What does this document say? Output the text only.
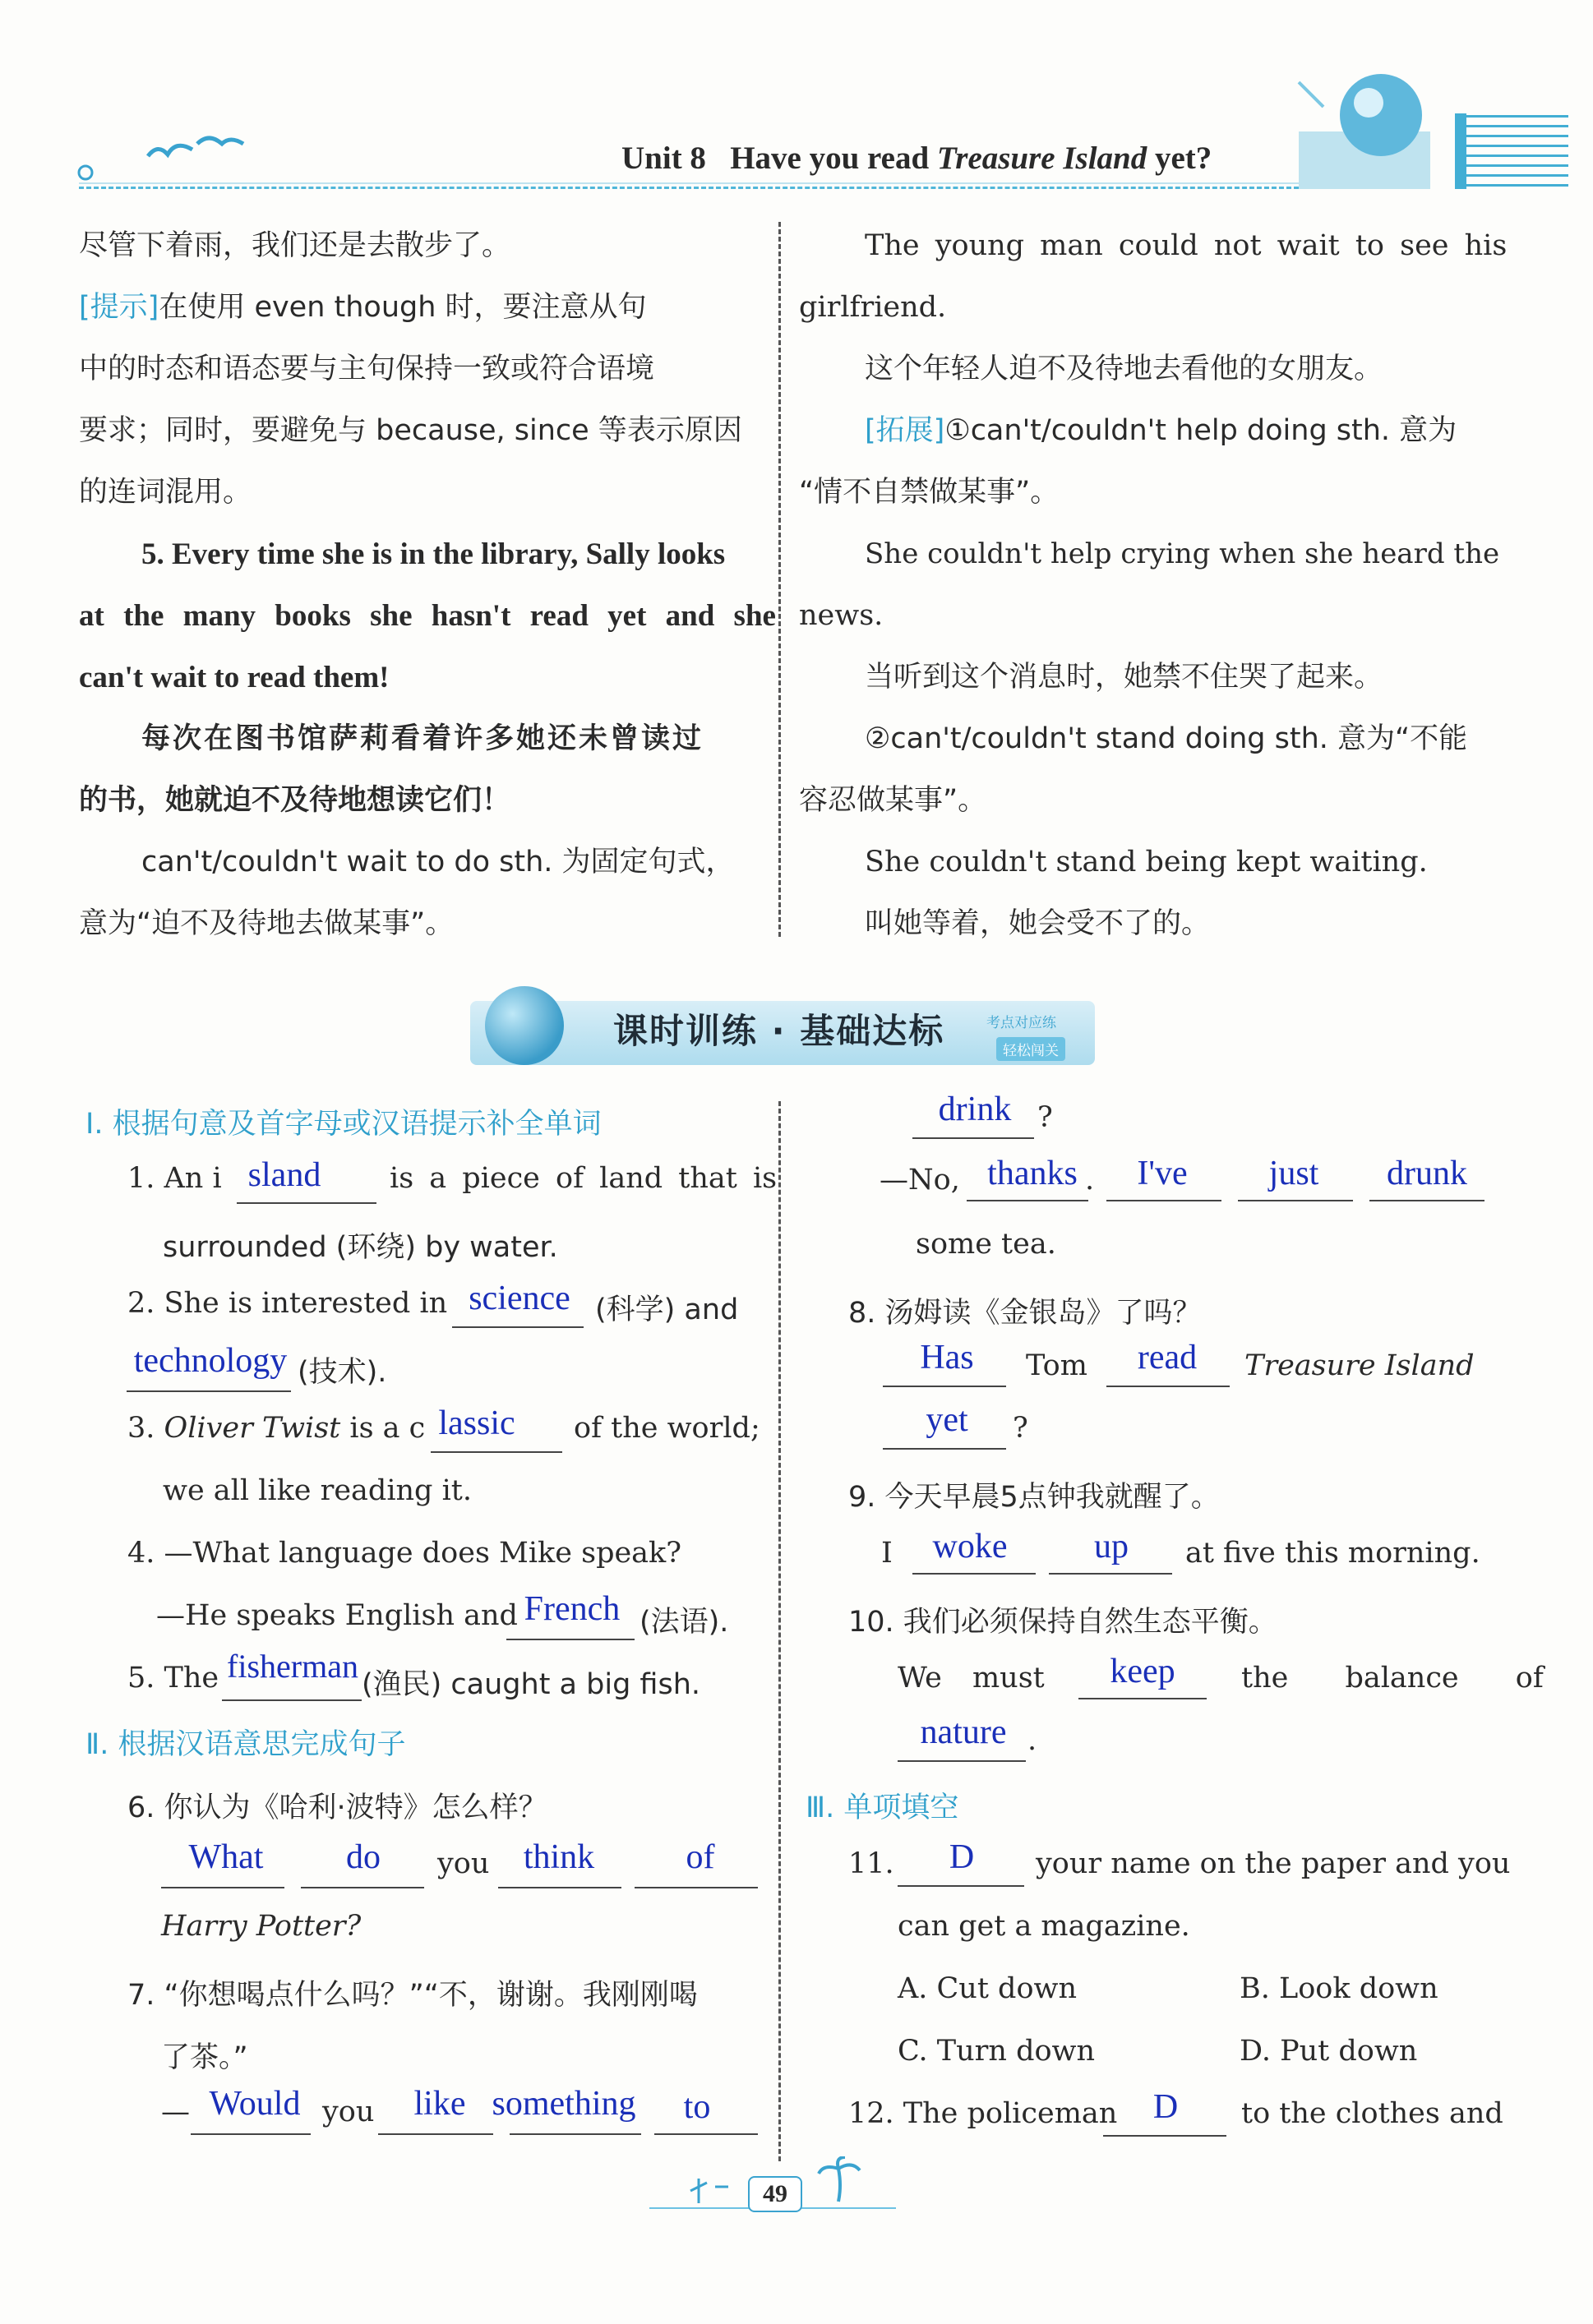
Unit 8 Have you read Treasure Island yet?
尽管下着雨，我们还是去散步了。
[提示]在使用 even though 时，要注意从句
中的时态和语态要与主句保持一致或符合语境
要求；同时，要避免与 because, since 等表示原因
的连词混用。
5. Every time she is in the library, Sally looks
at the many books she hasn't read yet and she
can't wait to read them!
每次在图书馆萨莉看着许多她还未曾读过
的书，她就迫不及待地想读它们！
can't/couldn't wait to do sth. 为固定句式，
意为“迫不及待地去做某事”。
The young man could not wait to see his
girlfriend.
这个年轻人迫不及待地去看他的女朋友。
[拓展]①can't/couldn't help doing sth. 意为
“情不自禁做某事”。
She couldn't help crying when she heard the
news.
当听到这个消息时，她禁不住哭了起来。
②can't/couldn't stand doing sth. 意为“不能
容忍做某事”。
She couldn't stand being kept waiting.
叫她等着，她会受不了的。
课时训练 · 基础达标	考点对应练
轻松闯关
Ⅰ. 根据句意及首字母或汉语提示补全单词
1. An i sland is a piece of land that is
surrounded (环绕) by water.
2. She is interested in science (科学) and
technology (技术).
3. Oliver Twist is a c lassic of the world;
we all like reading it.
4. —What language does Mike speak?
—He speaks English and French (法语).
5. The fisherman (渔民) caught a big fish.
Ⅱ. 根据汉语意思完成句子
6. 你认为《哈利·波特》怎么样？
What do you think	of
Harry Potter?
7. “你想喝点什么吗？”“不，谢谢。我刚刚喝
了茶。”
— Would you like something to
drink ?
—No, thanks . I've just drunk
some tea.
8. 汤姆读《金银岛》了吗？
Has Tom read Treasure Island
yet ?
9. 今天早晨5点钟我就醒了。
I woke	up at five this morning.
10. 我们必须保持自然生态平衡。
We must keep the balance of
nature .
Ⅲ. 单项填空
11. D your name on the paper and you
can get a magazine.
A. Cut down	B. Look down
C. Turn down	D. Put down
12. The policeman D to the clothes and
49
